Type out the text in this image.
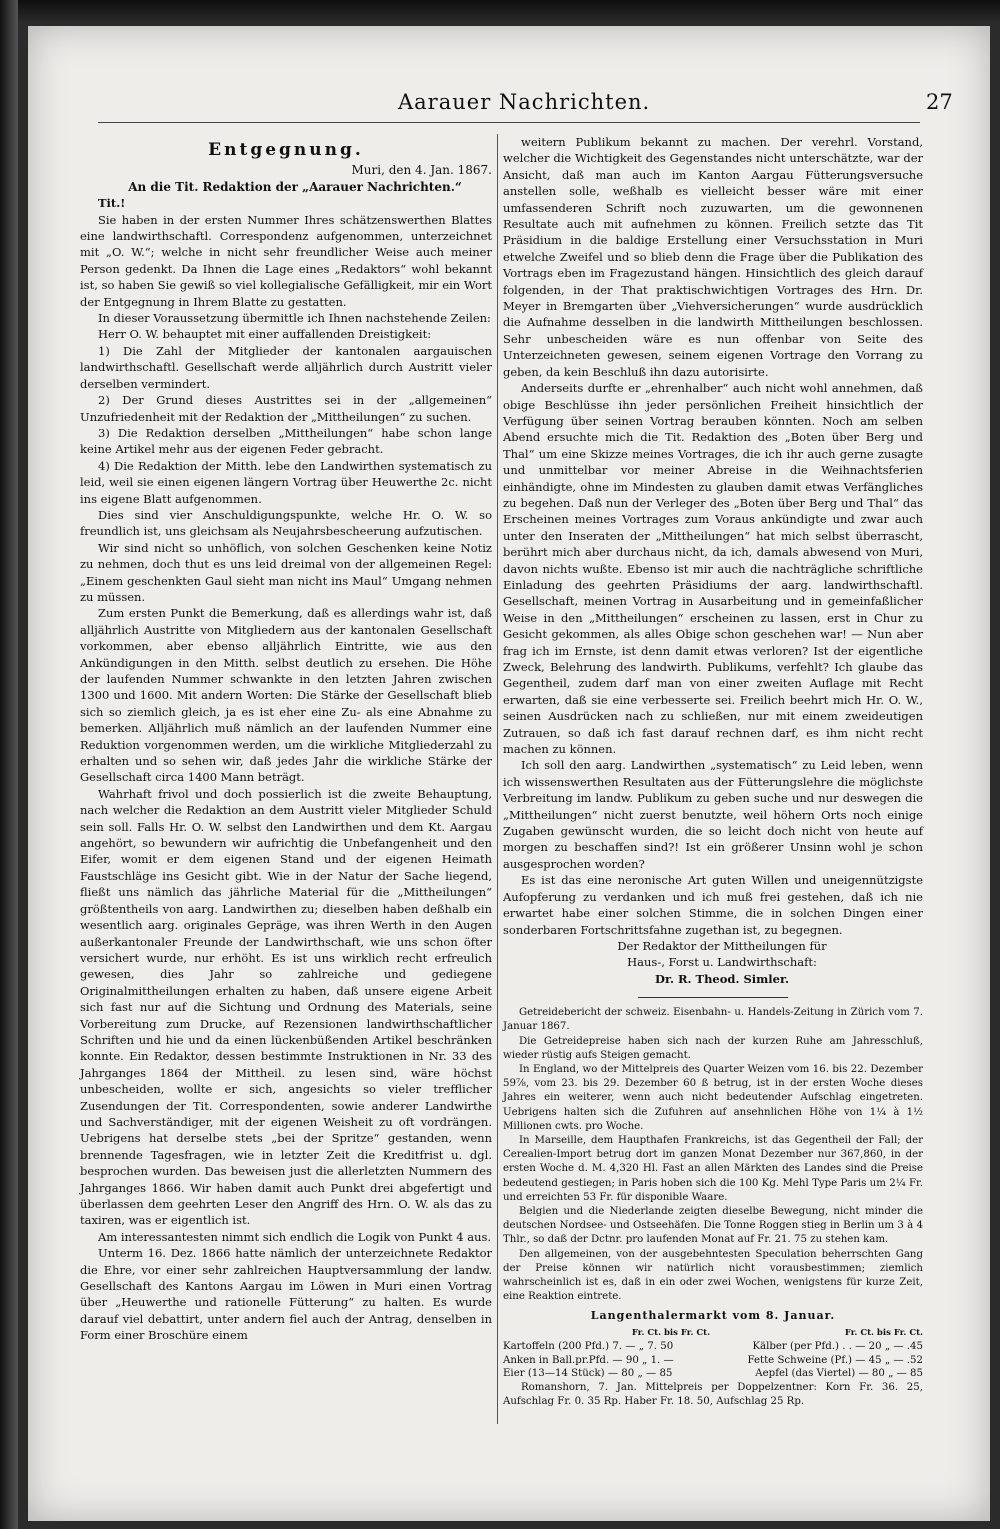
Aarauer Nachrichten.	27
Entgegnung.

Muri, den 4. Jan. 1867.

An die Tit. Redaktion der „Aarauer Nachrichten.“

Tit.!

Sie haben in der ersten Nummer Ihres schätzenswerthen Blattes eine landwirthschaftl. Correspondenz aufgenommen, unterzeichnet mit „O. W.“; welche in nicht sehr freundlicher Weise auch meiner Person gedenkt. Da Ihnen die Lage eines „Redaktors“ wohl bekannt ist, so haben Sie gewiß so viel kollegialische Gefälligkeit, mir ein Wort der Entgegnung in Ihrem Blatte zu gestatten.

In dieser Voraussetzung übermittle ich Ihnen nachstehende Zeilen:

Herr O. W. behauptet mit einer auffallenden Dreistigkeit:

1) Die Zahl der Mitglieder der kantonalen aargauischen landwirthschaftl. Gesellschaft werde alljährlich durch Austritt vieler derselben vermindert.

2) Der Grund dieses Austrittes sei in der „allgemeinen“ Unzufriedenheit mit der Redaktion der „Mittheilungen“ zu suchen.

3) Die Redaktion derselben „Mittheilungen“ habe schon lange keine Artikel mehr aus der eigenen Feder gebracht.

4) Die Redaktion der Mitth. lebe den Landwirthen systematisch zu leid, weil sie einen eigenen längern Vortrag über Heuwerthe 2c. nicht ins eigene Blatt aufgenommen.

Dies sind vier Anschuldigungspunkte, welche Hr. O. W. so freundlich ist, uns gleichsam als Neujahrsbescheerung aufzutischen.

Wir sind nicht so unhöflich, von solchen Geschenken keine Notiz zu nehmen, doch thut es uns leid dreimal von der allgemeinen Regel: „Einem geschenkten Gaul sieht man nicht ins Maul“ Umgang nehmen zu müssen.

Zum ersten Punkt die Bemerkung, daß es allerdings wahr ist, daß alljährlich Austritte von Mitgliedern aus der kantonalen Gesellschaft vorkommen, aber ebenso alljährlich Eintritte, wie aus den Ankündigungen in den Mitth. selbst deutlich zu ersehen. Die Höhe der laufenden Nummer schwankte in den letzten Jahren zwischen 1300 und 1600. Mit andern Worten: Die Stärke der Gesellschaft blieb sich so ziemlich gleich, ja es ist eher eine Zu- als eine Abnahme zu bemerken. Alljährlich muß nämlich an der laufenden Nummer eine Reduktion vorgenommen werden, um die wirkliche Mitgliederzahl zu erhalten und so sehen wir, daß jedes Jahr die wirkliche Stärke der Gesellschaft circa 1400 Mann beträgt.

Wahrhaft frivol und doch possierlich ist die zweite Behauptung, nach welcher die Redaktion an dem Austritt vieler Mitglieder Schuld sein soll. Falls Hr. O. W. selbst den Landwirthen und dem Kt. Aargau angehört, so bewundern wir aufrichtig die Unbefangenheit und den Eifer, womit er dem eigenen Stand und der eigenen Heimath Faustschläge ins Gesicht gibt. Wie in der Natur der Sache liegend, fließt uns nämlich das jährliche Material für die „Mittheilungen“ größtentheils von aarg. Landwirthen zu; dieselben haben deßhalb ein wesentlich aarg. originales Gepräge, was ihren Werth in den Augen außerkantonaler Freunde der Landwirthschaft, wie uns schon öfter versichert wurde, nur erhöht. Es ist uns wirklich recht erfreulich gewesen, dies Jahr so zahlreiche und gediegene Originalmittheilungen erhalten zu haben, daß unsere eigene Arbeit sich fast nur auf die Sichtung und Ordnung des Materials, seine Vorbereitung zum Drucke, auf Rezensionen landwirthschaftlicher Schriften und hie und da einen lückenbüßenden Artikel beschränken konnte. Ein Redaktor, dessen bestimmte Instruktionen in Nr. 33 des Jahrganges 1864 der Mittheil. zu lesen sind, wäre höchst unbescheiden, wollte er sich, angesichts so vieler trefflicher Zusendungen der Tit. Correspondenten, sowie anderer Landwirthe und Sachverständiger, mit der eigenen Weisheit zu oft vordrängen. Uebrigens hat derselbe stets „bei der Spritze“ gestanden, wenn brennende Tagesfragen, wie in letzter Zeit die Kreditfrist u. dgl. besprochen wurden. Das beweisen just die allerletzten Nummern des Jahrganges 1866. Wir haben damit auch Punkt drei abgefertigt und überlassen dem geehrten Leser den Angriff des Hrn. O. W. als das zu taxiren, was er eigentlich ist.

Am interessantesten nimmt sich endlich die Logik von Punkt 4 aus.

Unterm 16. Dez. 1866 hatte nämlich der unterzeichnete Redaktor die Ehre, vor einer sehr zahlreichen Hauptversammlung der landw. Gesellschaft des Kantons Aargau im Löwen in Muri einen Vortrag über „Heuwerthe und rationelle Fütterung“ zu halten. Es wurde darauf viel debattirt, unter andern fiel auch der Antrag, denselben in Form einer Broschüre einem

weitern Publikum bekannt zu machen. Der verehrl. Vorstand, welcher die Wichtigkeit des Gegenstandes nicht unterschätzte, war der Ansicht, daß man auch im Kanton Aargau Fütterungsversuche anstellen solle, weßhalb es vielleicht besser wäre mit einer umfassenderen Schrift noch zuzuwarten, um die gewonnenen Resultate auch mit aufnehmen zu können. Freilich setzte das Tit Präsidium in die baldige Erstellung einer Versuchsstation in Muri etwelche Zweifel und so blieb denn die Frage über die Publikation des Vortrags eben im Fragezustand hängen. Hinsichtlich des gleich darauf folgenden, in der That praktischwichtigen Vortrages des Hrn. Dr. Meyer in Bremgarten über „Viehversicherungen“ wurde ausdrücklich die Aufnahme desselben in die landwirth Mittheilungen beschlossen. Sehr unbescheiden wäre es nun offenbar von Seite des Unterzeichneten gewesen, seinem eigenen Vortrage den Vorrang zu geben, da kein Beschluß ihn dazu autorisirte.

Anderseits durfte er „ehrenhalber“ auch nicht wohl annehmen, daß obige Beschlüsse ihn jeder persönlichen Freiheit hinsichtlich der Verfügung über seinen Vortrag berauben könnten. Noch am selben Abend ersuchte mich die Tit. Redaktion des „Boten über Berg und Thal“ um eine Skizze meines Vortrages, die ich ihr auch gerne zusagte und unmittelbar vor meiner Abreise in die Weihnachtsferien einhändigte, ohne im Mindesten zu glauben damit etwas Verfängliches zu begehen. Daß nun der Verleger des „Boten über Berg und Thal“ das Erscheinen meines Vortrages zum Voraus ankündigte und zwar auch unter den Inseraten der „Mittheilungen“ hat mich selbst überrascht, berührt mich aber durchaus nicht, da ich, damals abwesend von Muri, davon nichts wußte. Ebenso ist mir auch die nachträgliche schriftliche Einladung des geehrten Präsidiums der aarg. landwirthschaftl. Gesellschaft, meinen Vortrag in Ausarbeitung und in gemeinfaßlicher Weise in den „Mittheilungen“ erscheinen zu lassen, erst in Chur zu Gesicht gekommen, als alles Obige schon geschehen war! — Nun aber frag ich im Ernste, ist denn damit etwas verloren? Ist der eigentliche Zweck, Belehrung des landwirth. Publikums, verfehlt? Ich glaube das Gegentheil, zudem darf man von einer zweiten Auflage mit Recht erwarten, daß sie eine verbesserte sei. Freilich beehrt mich Hr. O. W., seinen Ausdrücken nach zu schließen, nur mit einem zweideutigen Zutrauen, so daß ich fast darauf rechnen darf, es ihm nicht recht machen zu können.

Ich soll den aarg. Landwirthen „systematisch“ zu Leid leben, wenn ich wissenswerthen Resultaten aus der Fütterungslehre die möglichste Verbreitung im landw. Publikum zu geben suche und nur deswegen die „Mittheilungen“ nicht zuerst benutzte, weil höhern Orts noch einige Zugaben gewünscht wurden, die so leicht doch nicht von heute auf morgen zu beschaffen sind?! Ist ein größerer Unsinn wohl je schon ausgesprochen worden?

Es ist das eine neronische Art guten Willen und uneigennützigste Aufopferung zu verdanken und ich muß frei gestehen, daß ich nie erwartet habe einer solchen Stimme, die in solchen Dingen einer sonderbaren Fortschrittsfahne zugethan ist, zu begegnen.

Der Redaktor der Mittheilungen für

Haus-, Forst u. Landwirthschaft:

Dr. R. Theod. Simler.

Getreidebericht der schweiz. Eisenbahn- u. Handels-Zeitung in Zürich vom 7. Januar 1867.

Die Getreidepreise haben sich nach der kurzen Ruhe am Jahresschluß, wieder rüstig aufs Steigen gemacht.

In England, wo der Mittelpreis des Quarter Weizen vom 16. bis 22. Dezember 59⅞, vom 23. bis 29. Dezember 60 ß betrug, ist in der ersten Woche dieses Jahres ein weiterer, wenn auch nicht bedeutender Aufschlag eingetreten. Uebrigens halten sich die Zufuhren auf ansehnlichen Höhe von 1¼ à 1½ Millionen cwts. pro Woche.

In Marseille, dem Haupthafen Frankreichs, ist das Gegentheil der Fall; der Cerealien-Import betrug dort im ganzen Monat Dezember nur 367,860, in der ersten Woche d. M. 4,320 Hl. Fast an allen Märkten des Landes sind die Preise bedeutend gestiegen; in Paris hoben sich die 100 Kg. Mehl Type Paris um 2¼ Fr. und erreichten 53 Fr. für disponible Waare.

Belgien und die Niederlande zeigten dieselbe Bewegung, nicht minder die deutschen Nordsee- und Ostseehäfen. Die Tonne Roggen stieg in Berlin um 3 à 4 Thlr., so daß der Dctnr. pro laufenden Monat auf Fr. 21. 75 zu stehen kam.

Den allgemeinen, von der ausgebehntesten Speculation beherrschten Gang der Preise können wir natürlich nicht vorausbestimmen; ziemlich wahrscheinlich ist es, daß in ein oder zwei Wochen, wenigstens für kurze Zeit, eine Reaktion eintrete.

Langenthalermarkt vom 8. Januar.
	Fr. Ct. bis Fr. Ct.		Fr. Ct. bis Fr. Ct.
Kartoffeln (200 Pfd.) 7. — „ 7. 50	Kälber (per Pfd.) . . — 20 „ — .45
Anken in Ball.pr.Pfd. — 90 „ 1. —	Fette Schweine (Pf.) — 45 „ — .52
Eier (13—14 Stück) — 80 „ — 85	Aepfel (das Viertel) — 80 „ — 85

Romanshorn, 7. Jan. Mittelpreis per Doppelzentner: Korn Fr. 36. 25, Aufschlag Fr. 0. 35 Rp. Haber Fr. 18. 50, Aufschlag 25 Rp.
